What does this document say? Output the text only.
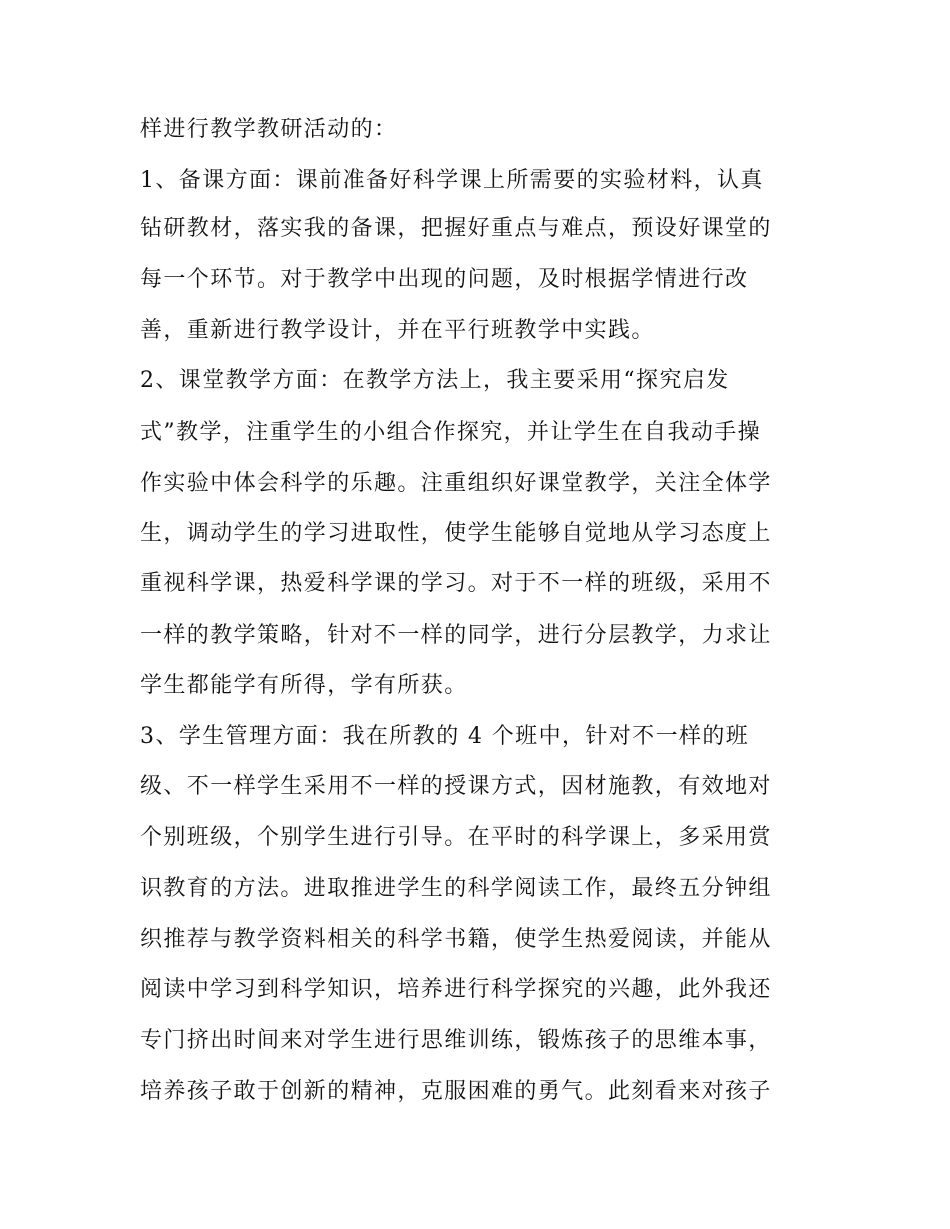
样进行教学教研活动的：

1、备课方面：课前准备好科学课上所需要的实验材料，认真

钻研教材，落实我的备课，把握好重点与难点，预设好课堂的

每一个环节。对于教学中出现的问题，及时根据学情进行改

善，重新进行教学设计，并在平行班教学中实践。

2、课堂教学方面：在教学方法上，我主要采用“探究启发

式”教学，注重学生的小组合作探究，并让学生在自我动手操

作实验中体会科学的乐趣。注重组织好课堂教学，关注全体学

生，调动学生的学习进取性，使学生能够自觉地从学习态度上

重视科学课，热爱科学课的学习。对于不一样的班级，采用不

一样的教学策略，针对不一样的同学，进行分层教学，力求让

学生都能学有所得，学有所获。

3、学生管理方面：我在所教的 4 个班中，针对不一样的班

级、不一样学生采用不一样的授课方式，因材施教，有效地对

个别班级，个别学生进行引导。在平时的科学课上，多采用赏

识教育的方法。进取推进学生的科学阅读工作，最终五分钟组

织推荐与教学资料相关的科学书籍，使学生热爱阅读，并能从

阅读中学习到科学知识，培养进行科学探究的兴趣，此外我还

专门挤出时间来对学生进行思维训练，锻炼孩子的思维本事，

培养孩子敢于创新的精神，克服困难的勇气。此刻看来对孩子
